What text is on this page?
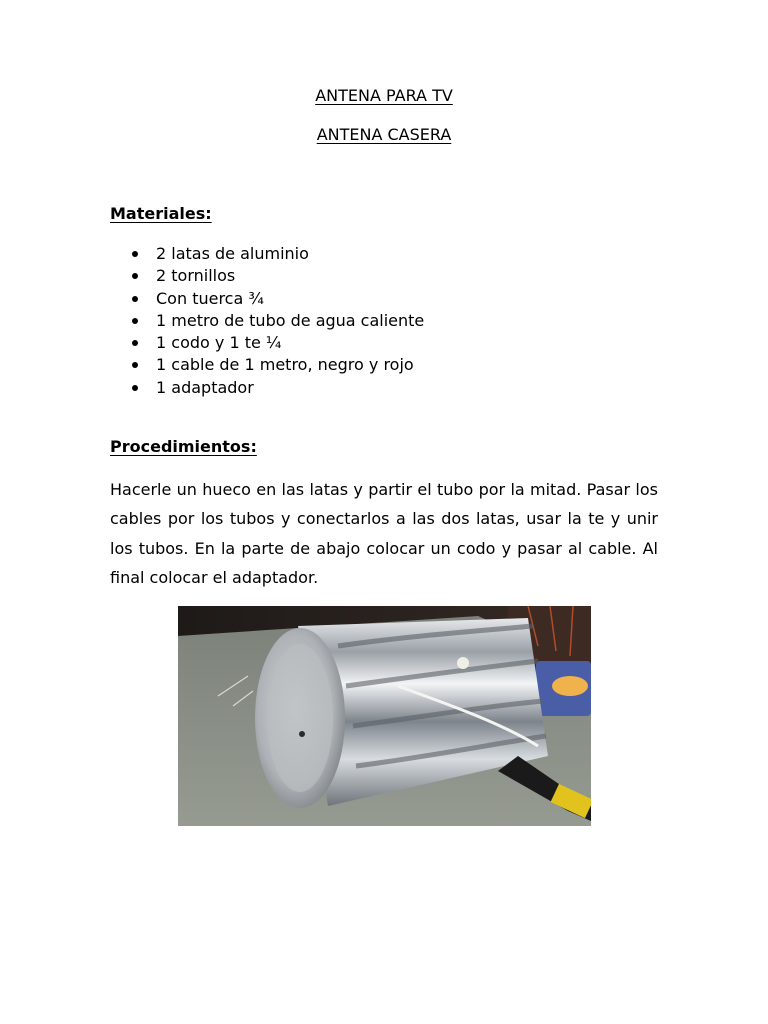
ANTENA PARA TV
ANTENA CASERA
Materiales:
2 latas de aluminio
2 tornillos
Con tuerca ¾
1 metro de tubo de agua caliente
1 codo y 1 te ¼
1 cable de 1 metro, negro y rojo
1 adaptador
Procedimientos:

Hacerle un hueco en las latas y partir el tubo por la mitad. Pasar los cables por los tubos y conectarlos a las dos latas, usar la te y unir los tubos. En la parte de abajo colocar un codo y pasar al cable. Al final colocar el adaptador.
